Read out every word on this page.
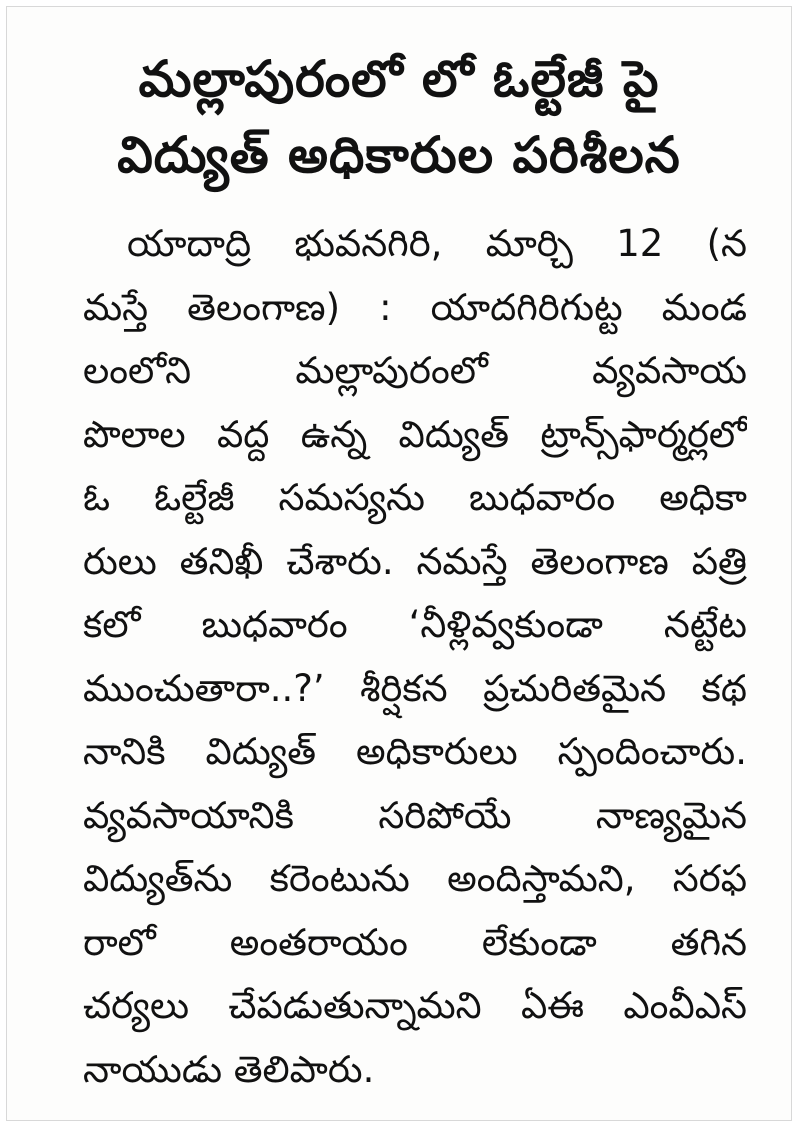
మల్లాపురంలో లో ఓల్టేజీ పై
విద్యుత్ అధికారుల పరిశీలన
యాదాద్రి భువనగిరి, మార్చి 12 (న
మస్తే తెలంగాణ) : యాదగిరిగుట్ట మండ
లంలోని మల్లాపురంలో వ్యవసాయ
పొలాల వద్ద ఉన్న విద్యుత్ ట్రాన్స్‌ఫార్మర్లలో
ఓ ఓల్టేజీ సమస్యను బుధవారం అధికా
రులు తనిఖీ చేశారు. నమస్తే తెలంగాణ పత్రి
కలో బుధవారం ‘నీళ్లివ్వకుండా నట్టేట
ముంచుతారా..?’ శీర్షికన ప్రచురితమైన కథ
నానికి విద్యుత్ అధికారులు స్పందించారు.
వ్యవసాయానికి సరిపోయే నాణ్యమైన
విద్యుత్‌ను కరెంటును అందిస్తామని, సరఫ
రాలో అంతరాయం లేకుండా తగిన
చర్యలు చేపడుతున్నామని ఏఈ ఎంవీఎస్
నాయుడు తెలిపారు.
